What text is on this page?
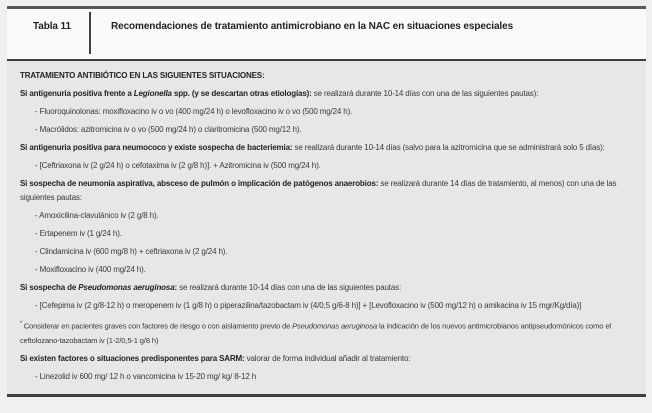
Tabla 11	Recomendaciones de tratamiento antimicrobiano en la NAC en situaciones especiales
TRATAMIENTO ANTIBIÓTICO EN LAS SIGUIENTES SITUACIONES:
Si antigenuria positiva frente a Legionella spp. (y se descartan otras etiologías): se realizará durante 10-14 días con una de las siguientes pautas):
- Fluoroquinolonas: moxifloxacino iv o vo (400 mg/24 h) o levofloxacino iv o vo (500 mg/24 h).
- Macrólidos: azitromicina iv o vo (500 mg/24 h) o claritromicina (500 mg/12 h).
Si antigenuria positiva para neumococo y existe sospecha de bacteriemia: se realizará durante 10-14 días (salvo para la azitromicina que se administrará solo 5 días):
- [Ceftriaxona iv (2 g/24 h) o cefotaxima iv (2 g/8 h)]. + Azitromicina iv (500 mg/24 h).
Si sospecha de neumonía aspirativa, absceso de pulmón o implicación de patógenos anaerobios: se realizará durante 14 días de tratamiento, al menos) con una de las siguientes pautas:
- Amoxicilina-clavulánico iv (2 g/8 h).
- Ertapenem iv (1 g/24 h).
- Clindamicina iv (600 mg/8 h) + ceftriaxona iv (2 g/24 h).
- Moxifloxacino iv (400 mg/24 h).
Si sospecha de Pseudomonas aeruginosa: se realizará durante 10-14 días con una de las siguientes pautas:
- [Cefepima iv (2 g/8-12 h) o meropenem iv (1 g/8 h) o piperazilina/tazobactam iv (4/0,5 g/6-8 h)] + [Levofloxacino iv (500 mg/12 h) o amikacina iv 15 mgr/Kg/día)]
* Considerar en pacientes graves con factores de riesgo o con aislamiento previo de Pseudomonas aeruginosa la indicación de los nuevos antimicrobianos antipseudomónicos como el ceftolozano-tazobactam iv (1-2/0,5-1 g/8 h)
Si existen factores o situaciones predisponentes para SARM: valorar de forma individual añadir al tratamiento:
- Linezolid iv 600 mg/ 12 h o vancomicina iv 15-20 mg/ kg/ 8-12 h
